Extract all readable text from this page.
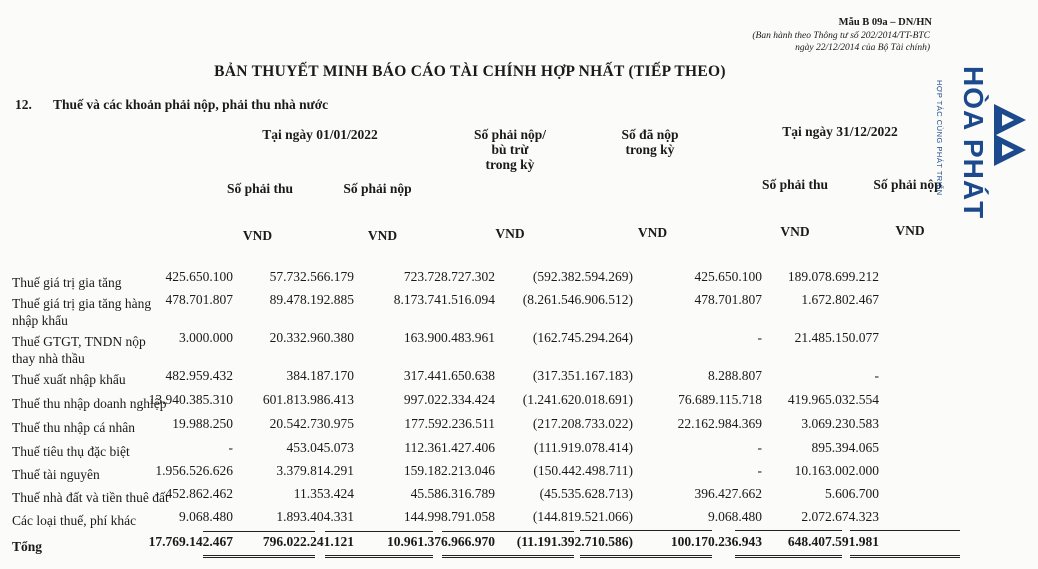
Mẫu B 09a – DN/HN
(Ban hành theo Thông tư số 202/2014/TT-BTC
ngày 22/12/2014 của Bộ Tài chính)
BẢN THUYẾT MINH BÁO CÁO TÀI CHÍNH HỢP NHẤT (TIẾP THEO)
12. Thuế và các khoản phải nộp, phải thu nhà nước
Tại ngày 01/01/2022	Số phải nộp/
bù trừ
trong kỳ
Số đã nộp
trong kỳ
Tại ngày 31/12/2022
Số phải thu	Số phải nộp	Số phải thu	Số phải nộp
VND	VND	VND	VND	VND	VND
Thuế giá trị gia tăng	425.650.100	57.732.566.179	723.728.727.302	(592.382.594.269)	425.650.100 189.078.699.212
Thuế giá trị gia tăng hàng
nhập khẩu
478.701.807	89.478.192.885	8.173.741.516.094 (8.261.546.906.512)	478.701.807	1.672.802.467
Thuế GTGT, TNDN nộp
thay nhà thầu
3.000.000	20.332.960.380	163.900.483.961	(162.745.294.264)	- 21.485.150.077
Thuế xuất nhập khẩu	482.959.432	384.187.170	317.441.650.638	(317.351.167.183)	8.288.807	-
Thuế thu nhập doanh nghiệp
13.940.385.310 601.813.986.413	997.022.334.424 (1.241.620.018.691)	76.689.115.718 419.965.032.554
Thuế thu nhập cá nhân	19.988.250	20.542.730.975	177.592.236.511	(217.208.733.022)	22.162.984.369	3.069.230.583
Thuế tiêu thụ đặc biệt	-	453.045.073	112.361.427.406	(111.919.078.414)	-	895.394.065
Thuế tài nguyên	1.956.526.626	3.379.814.291	159.182.213.046	(150.442.498.711)	- 10.163.002.000
Thuế nhà đất và tiền thuê đất
452.862.462	11.353.424	45.586.316.789	(45.535.628.713)	396.427.662	5.606.700
Các loại thuế, phí khác	9.068.480	1.893.404.331	144.998.791.058	(144.819.521.066)	9.068.480	2.072.674.323
Tổng	17.769.142.467 796.022.241.121 10.961.376.966.970 (11.191.392.710.586)	100.170.236.943 648.407.591.981
HỢP TÁC CÙNG PHÁT TRIỂN HÒA PHÁT
